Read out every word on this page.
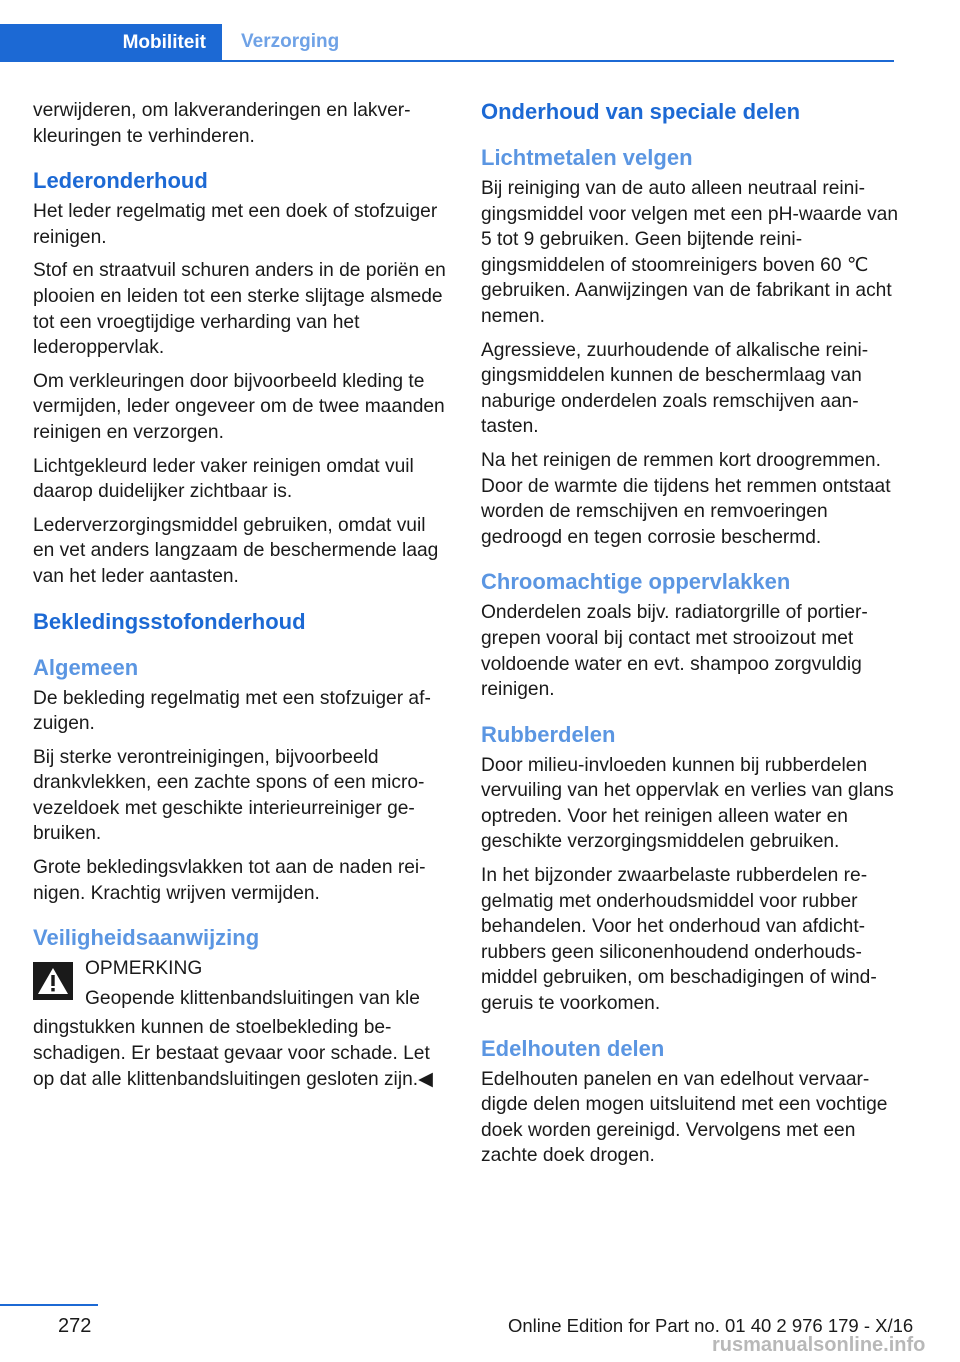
Mobiliteit	Verzorging

verwijderen, om lakveranderingen en lakverkleuringen te verhinderen.

Lederonderhoud

Het leder regelmatig met een doek of stofzuiger reinigen.

Stof en straatvuil schuren anders in de poriën en plooien en leiden tot een sterke slijtage alsmede tot een vroegtijdige verharding van het lederoppervlak.

Om verkleuringen door bijvoorbeeld kleding te vermijden, leder ongeveer om de twee maanden reinigen en verzorgen.

Lichtgekleurd leder vaker reinigen omdat vuil daarop duidelijker zichtbaar is.

Lederverzorgingsmiddel gebruiken, omdat vuil en vet anders langzaam de beschermende laag van het leder aantasten.

Bekledingsstofonderhoud
Algemeen

De bekleding regelmatig met een stofzuiger afzuigen.

Bij sterke verontreinigingen, bijvoorbeeld drankvlekken, een zachte spons of een microvezeldoek met geschikte interieurreiniger gebruiken.

Grote bekledingsvlakken tot aan de naden reinigen. Krachtig wrijven vermijden.

Veiligheidsaanwijzing
OPMERKING
Geopende klittenbandsluitingen van kle

dingstukken kunnen de stoelbekleding beschadigen. Er bestaat gevaar voor schade. Let op dat alle klittenbandsluitingen gesloten zijn.◀

Onderhoud van speciale delen
Lichtmetalen velgen

Bij reiniging van de auto alleen neutraal reinigingsmiddel voor velgen met een pH-waarde van 5 tot 9 gebruiken. Geen bijtende reinigingsmiddelen of stoomreinigers boven 60 ℃ gebruiken. Aanwijzingen van de fabrikant in acht nemen.

Agressieve, zuurhoudende of alkalische reinigingsmiddelen kunnen de beschermlaag van naburige onderdelen zoals remschijven aantasten.

Na het reinigen de remmen kort droogremmen. Door de warmte die tijdens het remmen ontstaat worden de remschijven en remvoeringen gedroogd en tegen corrosie beschermd.

Chroomachtige oppervlakken

Onderdelen zoals bijv. radiatorgrille of portiergrepen vooral bij contact met strooizout met voldoende water en evt. shampoo zorgvuldig reinigen.

Rubberdelen

Door milieu-invloeden kunnen bij rubberdelen vervuiling van het oppervlak en verlies van glans optreden. Voor het reinigen alleen water en geschikte verzorgingsmiddelen gebruiken.

In het bijzonder zwaarbelaste rubberdelen regelmatig met onderhoudsmiddel voor rubber behandelen. Voor het onderhoud van afdichtrubbers geen siliconenhoudend onderhoudsmiddel gebruiken, om beschadigingen of windgeruis te voorkomen.

Edelhouten delen

Edelhouten panelen en van edelhout vervaardigde delen mogen uitsluitend met een vochtige doek worden gereinigd. Vervolgens met een zachte doek drogen.

272	Online Edition for Part no. 01 40 2 976 179 - X/16
rusmanualsonline.info
